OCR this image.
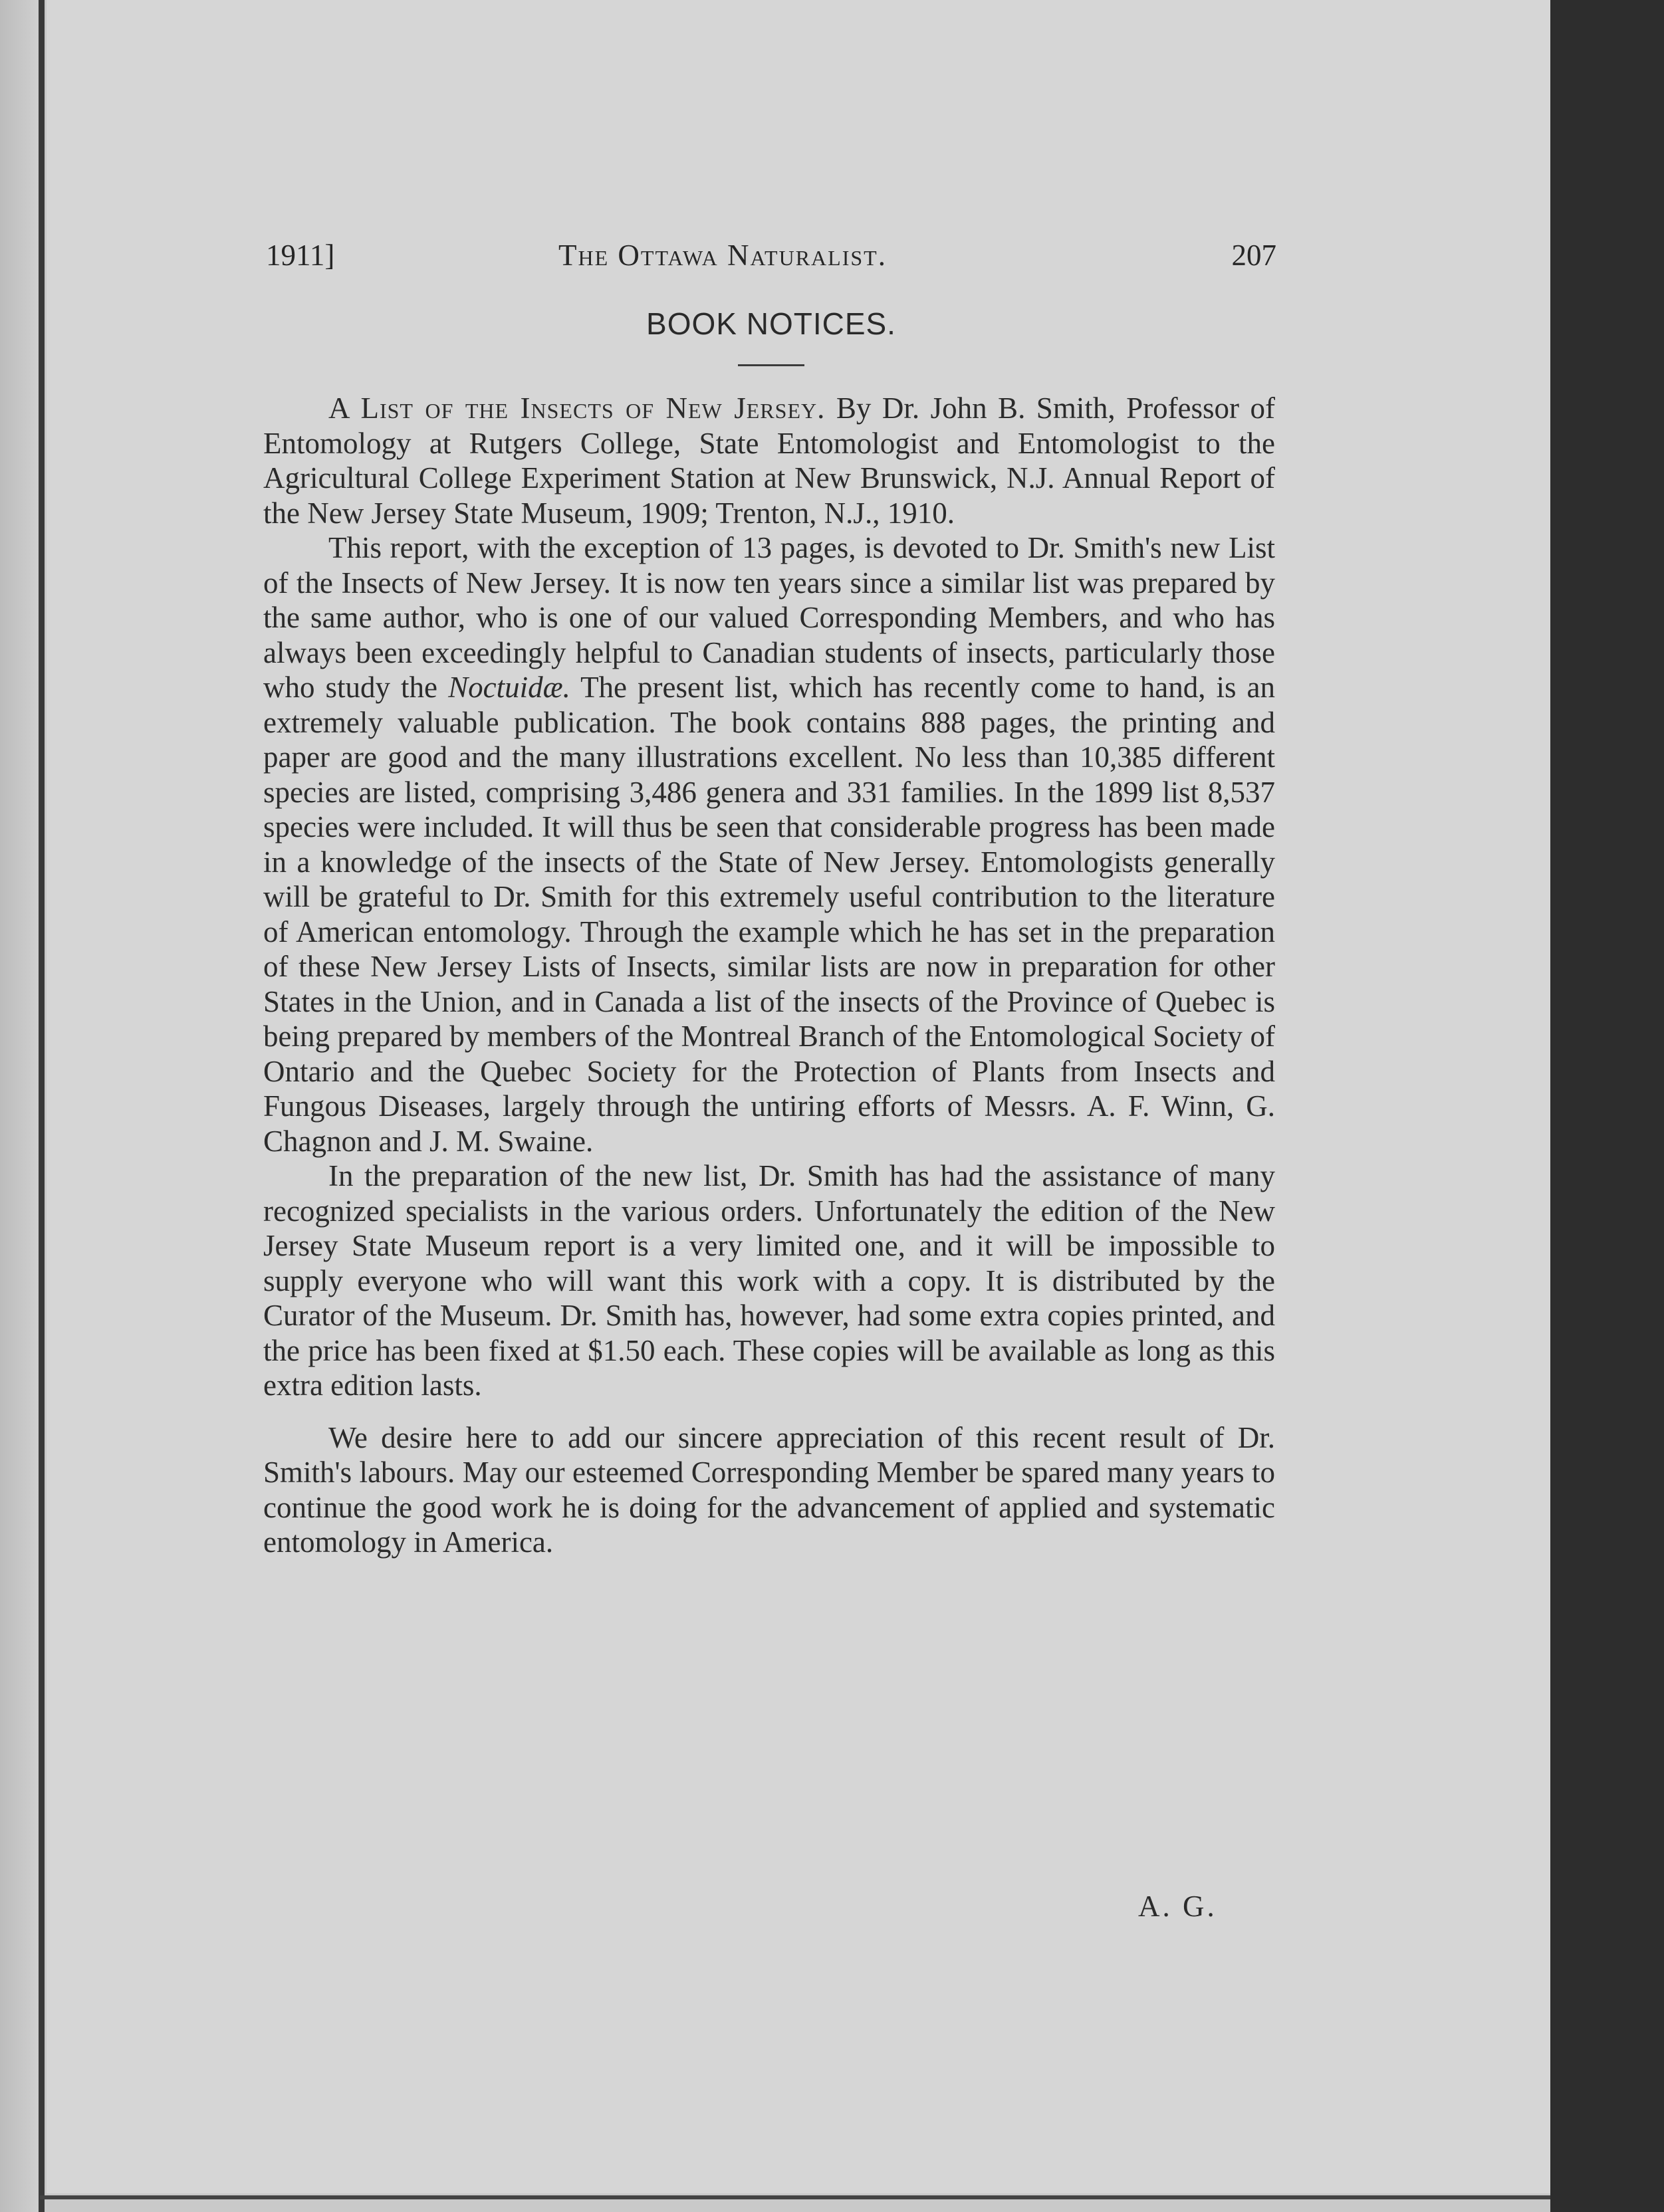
1911]	The Ottawa Naturalist.	207
BOOK NOTICES.

A List of the Insects of New Jersey. By Dr. John B. Smith, Professor of Entomology at Rutgers College, State Entomologist and Entomologist to the Agricultural College Experiment Station at New Brunswick, N.J. Annual Report of the New Jersey State Museum, 1909; Trenton, N.J., 1910.

This report, with the exception of 13 pages, is devoted to Dr. Smith's new List of the Insects of New Jersey. It is now ten years since a similar list was prepared by the same author, who is one of our valued Corresponding Members, and who has always been exceedingly helpful to Canadian students of insects, particularly those who study the Noctuidæ. The present list, which has recently come to hand, is an extremely valuable publication. The book contains 888 pages, the printing and paper are good and the many illustrations excellent. No less than 10,385 different species are listed, comprising 3,486 genera and 331 families. In the 1899 list 8,537 species were included. It will thus be seen that considerable progress has been made in a knowledge of the insects of the State of New Jersey. Entomologists generally will be grateful to Dr. Smith for this extremely useful contribution to the literature of American entomology. Through the example which he has set in the preparation of these New Jersey Lists of Insects, similar lists are now in preparation for other States in the Union, and in Canada a list of the insects of the Province of Quebec is being prepared by members of the Montreal Branch of the Entomological Society of Ontario and the Quebec Society for the Protection of Plants from Insects and Fungous Diseases, largely through the untiring efforts of Messrs. A. F. Winn, G. Chagnon and J. M. Swaine.

In the preparation of the new list, Dr. Smith has had the assistance of many recognized specialists in the various orders. Unfortunately the edition of the New Jersey State Museum report is a very limited one, and it will be impossible to supply everyone who will want this work with a copy. It is distributed by the Curator of the Museum. Dr. Smith has, however, had some extra copies printed, and the price has been fixed at $1.50 each. These copies will be available as long as this extra edition lasts.

We desire here to add our sincere appreciation of this recent result of Dr. Smith's labours. May our esteemed Corresponding Member be spared many years to continue the good work he is doing for the advancement of applied and systematic entomology in America.

A. G.
